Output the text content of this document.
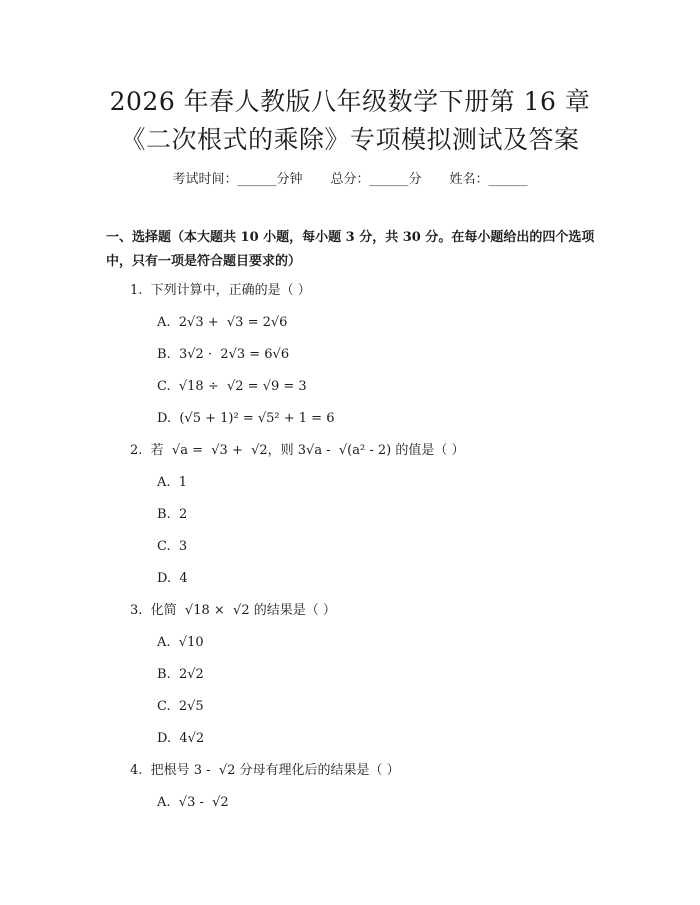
2026 年春人教版八年级数学下册第 16 章
《二次根式的乘除》专项模拟测试及答案
考试时间：______分钟 总分：______分 姓名：______
一、选择题（本大题共 10 小题，每小题 3 分，共 30 分。在每小题给出的四个选项中，只有一项是符合题目要求的）
1.  下列计算中，正确的是（ ）
A.  2√3 +  √3 = 2√6
B.  3√2 ·  2√3 = 6√6
C.  √18 ÷  √2 = √9 = 3
D.  (√5 + 1)² = √5² + 1 = 6
2.  若  √a =  √3 +  √2，则 3√a -  √(a² - 2) 的值是（ ）
A.  1
B.  2
C.  3
D.  4
3.  化简  √18 ×  √2 的结果是（ ）
A.  √10
B.  2√2
C.  2√5
D.  4√2
4.  把根号 3 -  √2 分母有理化后的结果是（ ）
A.  √3 -  √2
